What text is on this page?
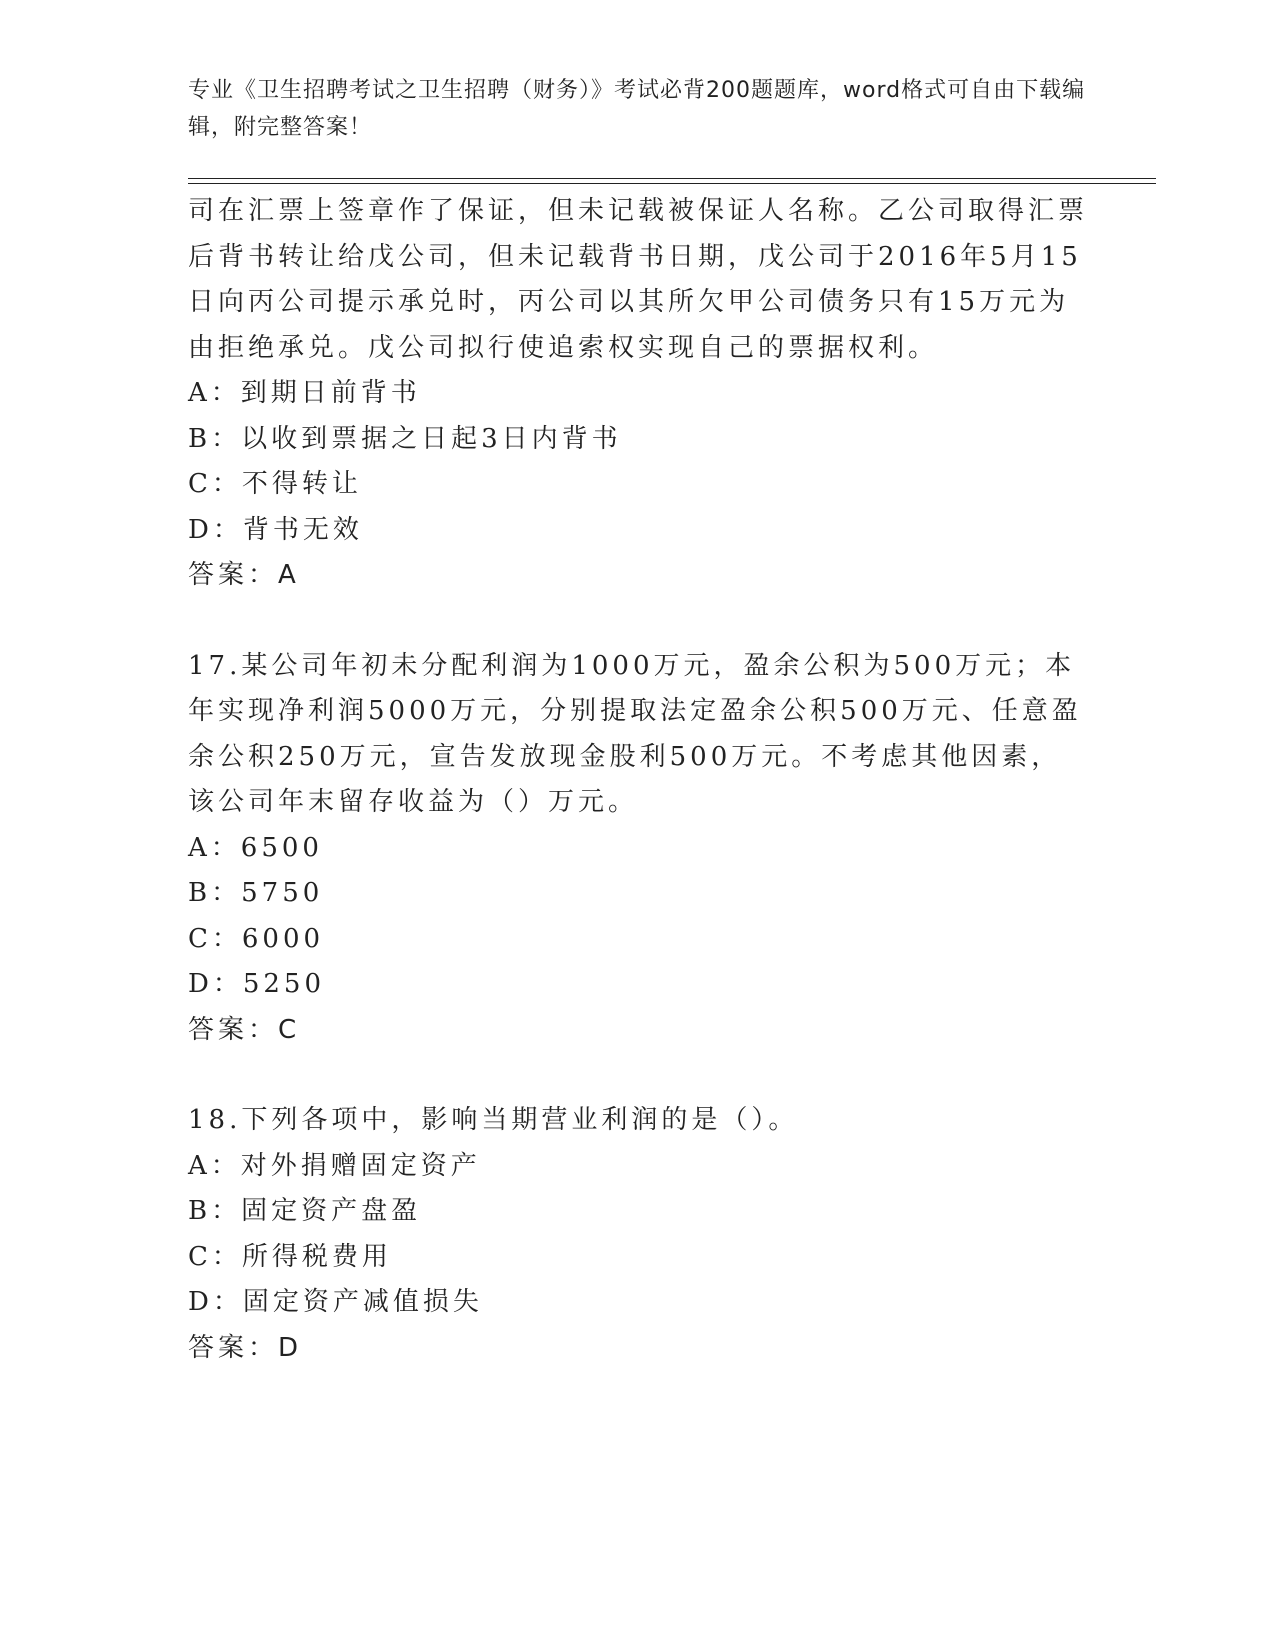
专业《卫生招聘考试之卫生招聘（财务）》考试必背200题题库，word格式可自由下载编辑，附完整答案！

司在汇票上签章作了保证，但未记载被保证人名称。乙公司取得汇票后背书转让给戊公司，但未记载背书日期，戊公司于2016年5月15日向丙公司提示承兑时，丙公司以其所欠甲公司债务只有15万元为由拒绝承兑。戊公司拟行使追索权实现自己的票据权利。

A：到期日前背书
B：以收到票据之日起3日内背书
C：不得转让
D：背书无效
答案：A

17.某公司年初未分配利润为1000万元，盈余公积为500万元；本年实现净利润5000万元，分别提取法定盈余公积500万元、任意盈余公积250万元，宣告发放现金股利500万元。不考虑其他因素，该公司年末留存收益为（）万元。

A：6500
B：5750
C：6000
D：5250
答案：C

18.下列各项中，影响当期营业利润的是（）。

A：对外捐赠固定资产
B：固定资产盘盈
C：所得税费用
D：固定资产减值损失
答案：D
